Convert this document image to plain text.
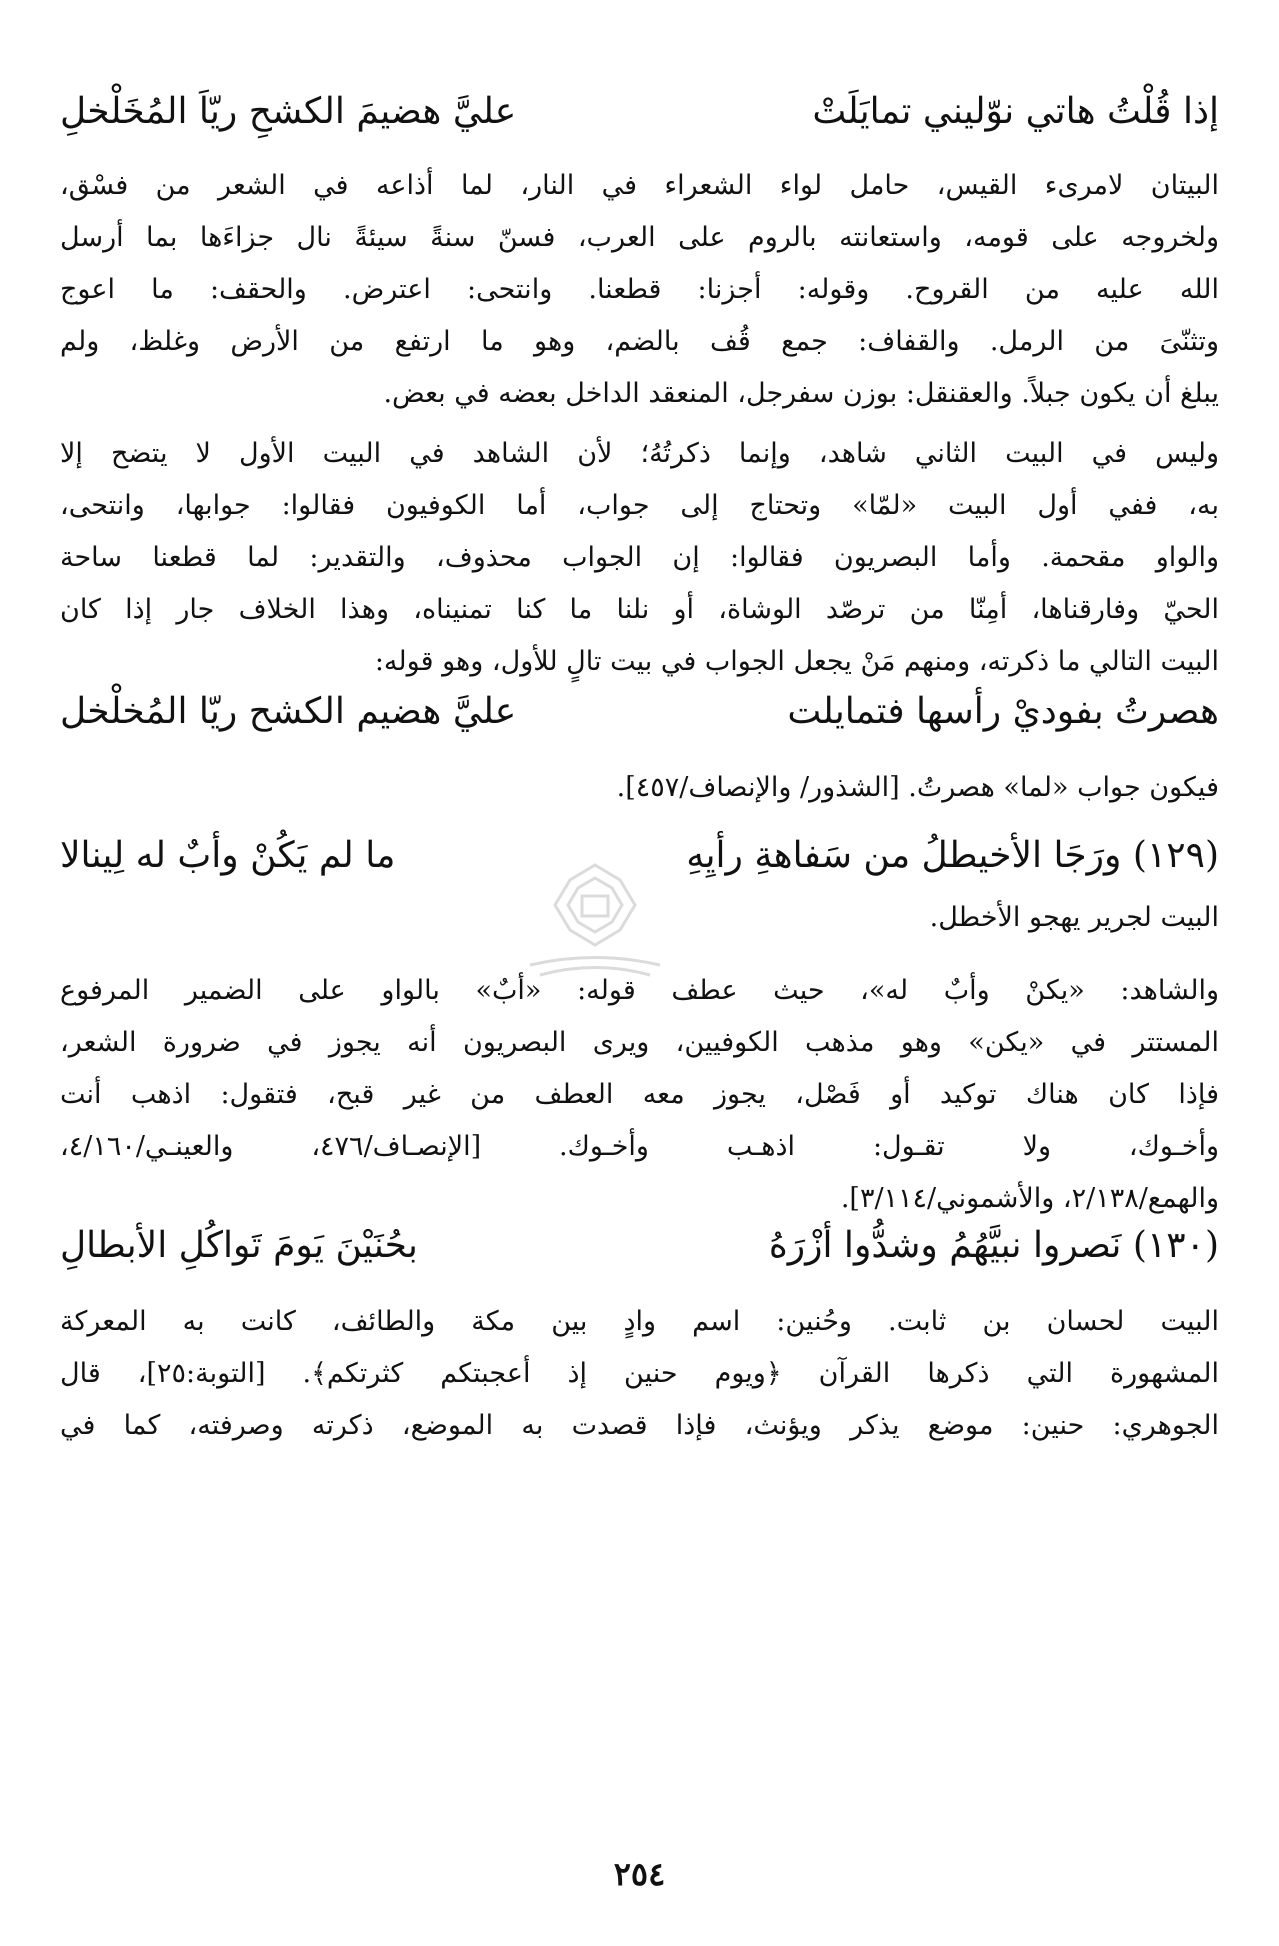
إذا قُلْتُ هاتي نوّليني تمايَلَتْ
عليَّ هضيمَ الكشحِ ريّاَ المُخَلْخلِ
البيتان لامرىء القيس، حامل لواء الشعراء في النار، لما أذاعه في الشعر من فسْق،
ولخروجه على قومه، واستعانته بالروم على العرب، فسنّ سنةً سيئةً نال جزاءَها بما أرسل
الله عليه من القروح. وقوله: أجزنا: قطعنا. وانتحى: اعترض. والحقف: ما اعوج
وتثنّىَ من الرمل. والقفاف: جمع قُف بالضم، وهو ما ارتفع من الأرض وغلظ، ولم
يبلغ أن يكون جبلاً. والعقنقل: بوزن سفرجل، المنعقد الداخل بعضه في بعض.
وليس في البيت الثاني شاهد، وإنما ذكرتُهُ؛ لأن الشاهد في البيت الأول لا يتضح إلا
به، ففي أول البيت «لمّا» وتحتاج إلى جواب، أما الكوفيون فقالوا: جوابها، وانتحى،
والواو مقحمة. وأما البصريون فقالوا: إن الجواب محذوف، والتقدير: لما قطعنا ساحة
الحيّ وفارقناها، أمِنّا من ترصّد الوشاة، أو نلنا ما كنا تمنيناه، وهذا الخلاف جار إذا كان
البيت التالي ما ذكرته، ومنهم مَنْ يجعل الجواب في بيت تالٍ للأول، وهو قوله:
هصرتُ بفوديْ رأسها فتمايلت
عليَّ هضيم الكشح ريّا المُخلْخل
فيكون جواب «لما» هصرتُ. [الشذور/ والإنصاف/٤٥٧].
(١٢٩) ورَجَا الأخيطلُ من سَفاهةِ رأيِهِ
ما لم يَكُنْ وأبٌ له لِينالا
البيت لجرير يهجو الأخطل.
والشاهد: «يكنْ وأبٌ له»، حيث عطف قوله: «أبٌ» بالواو على الضمير المرفوع
المستتر في «يكن» وهو مذهب الكوفيين، ويرى البصريون أنه يجوز في ضرورة الشعر،
فإذا كان هناك توكيد أو فَصْل، يجوز معه العطف من غير قبح، فتقول: اذهب أنت
وأخـوك، ولا تقـول: اذهـب وأخـوك. [الإنصـاف/٤٧٦، والعينـي/٤/١٦٠،
والهمع/٢/١٣٨، والأشموني/٣/١١٤].
(١٣٠) نَصروا نبيَّهُمُ وشدُّوا أزْرَهُ
بحُنَيْنَ يَومَ تَواكُلِ الأبطالِ
البيت لحسان بن ثابت. وحُنين: اسم وادٍ بين مكة والطائف، كانت به المعركة
المشهورة التي ذكرها القرآن ﴿ويوم حنين إذ أعجبتكم كثرتكم﴾. [التوبة:٢٥]، قال
الجوهري: حنين: موضع يذكر ويؤنث، فإذا قصدت به الموضع، ذكرته وصرفته، كما في
٢٥٤
